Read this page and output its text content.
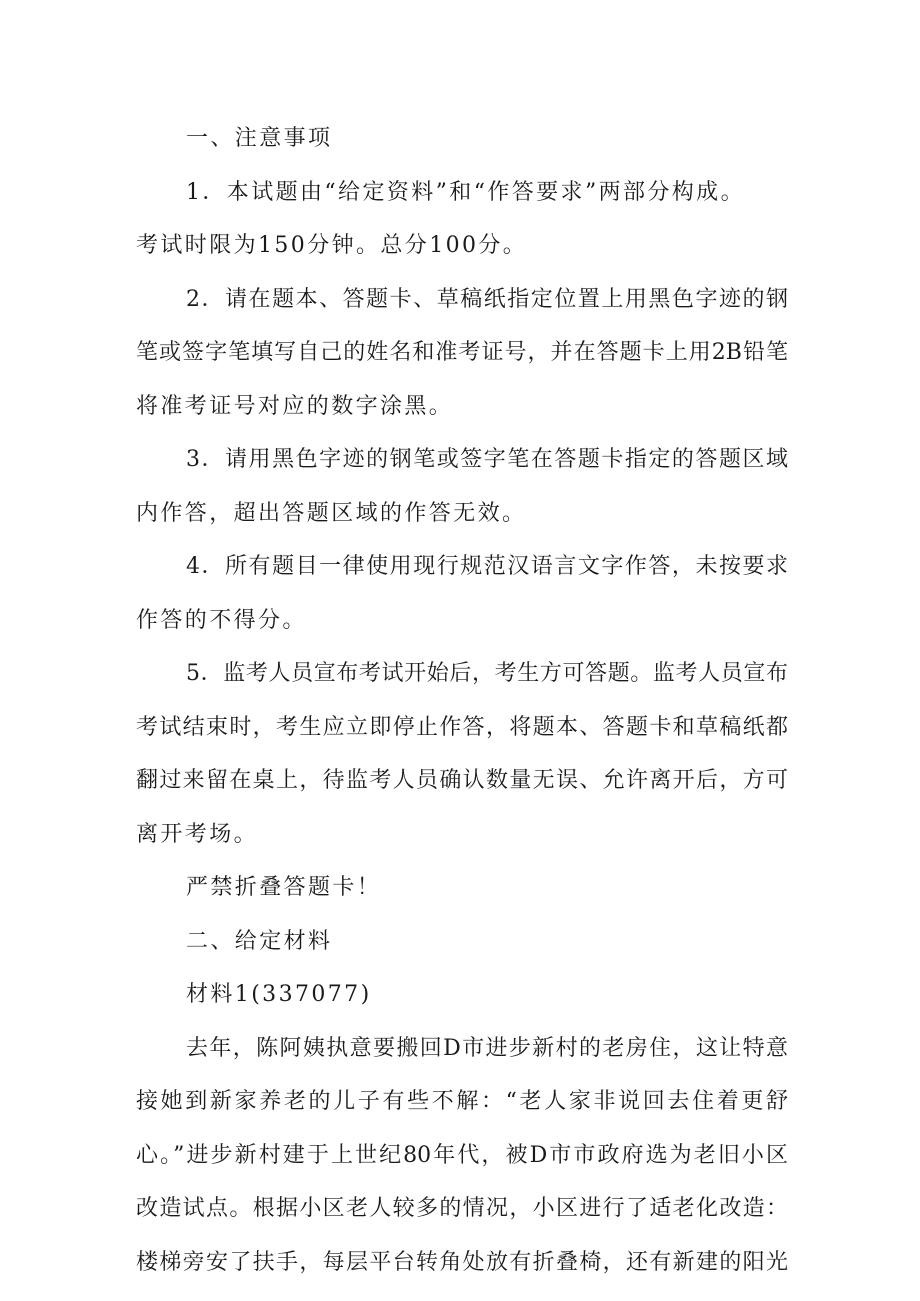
一、注意事项
1．本试题由“给定资料”和“作答要求”两部分构成。
考试时限为150分钟。总分100分。
2．请在题本、答题卡、草稿纸指定位置上用黑色字迹的钢
笔或签字笔填写自己的姓名和准考证号，并在答题卡上用2B铅笔
将准考证号对应的数字涂黑。
3．请用黑色字迹的钢笔或签字笔在答题卡指定的答题区域
内作答，超出答题区域的作答无效。
4．所有题目一律使用现行规范汉语言文字作答，未按要求
作答的不得分。
5．监考人员宣布考试开始后，考生方可答题。监考人员宣布
考试结束时，考生应立即停止作答，将题本、答题卡和草稿纸都
翻过来留在桌上，待监考人员确认数量无误、允许离开后，方可
离开考场。
严禁折叠答题卡！
二、给定材料
材料1(337077)
去年，陈阿姨执意要搬回D市进步新村的老房住，这让特意
接她到新家养老的儿子有些不解：“老人家非说回去住着更舒
心。”进步新村建于上世纪80年代，被D市市政府选为老旧小区
改造试点。根据小区老人较多的情况，小区进行了适老化改造：
楼梯旁安了扶手，每层平台转角处放有折叠椅，还有新建的阳光
